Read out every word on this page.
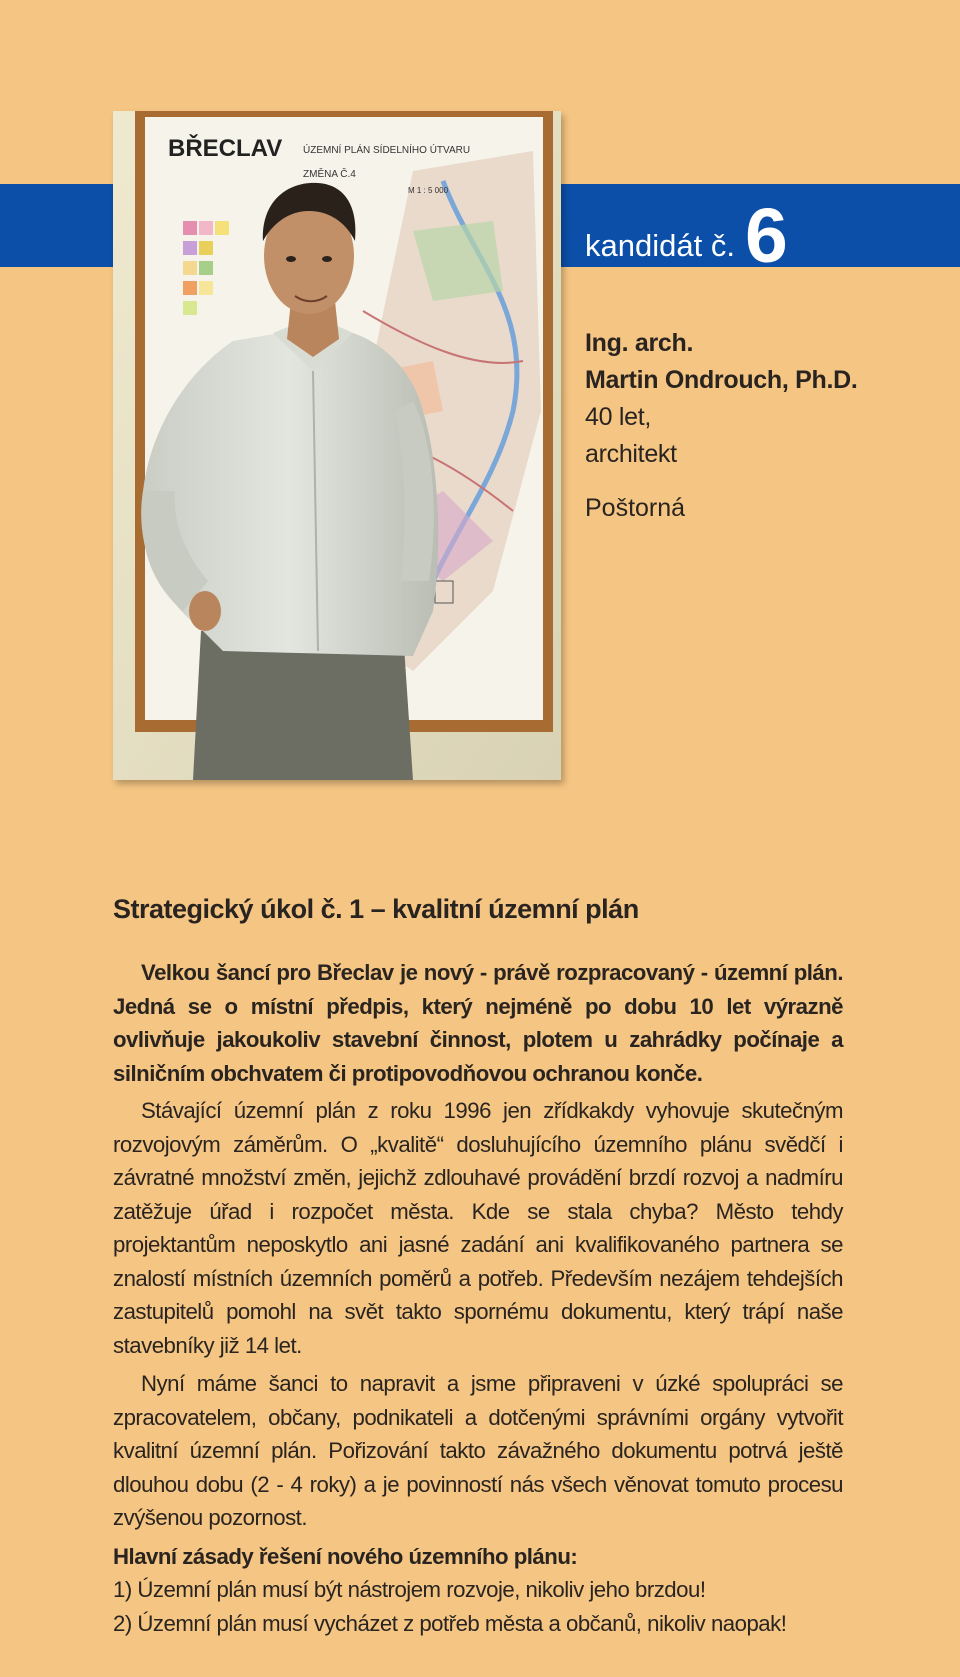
kandidát č. 6
BŘECLAV ÚZEMNÍ PLÁN SÍDELNÍHO ÚTVARU
ZMĚNA Č.4
M 1 : 5 000
Ing. arch.
Martin Ondrouch, Ph.D.
40 let,
architekt
Poštorná
Strategický úkol č. 1 – kvalitní územní plán

Velkou šancí pro Břeclav je nový - právě rozpracovaný - územní plán. Jedná se o místní předpis, který nejméně po dobu 10 let výrazně ovlivňuje jakoukoliv stavební činnost, plotem u zahrádky počínaje a silničním obchvatem či protipovodňovou ochranou konče.

Stávající územní plán z roku 1996 jen zřídkakdy vyhovuje skutečným rozvojovým záměrům. O „kvalitě“ dosluhujícího územního plánu svědčí i závratné množství změn, jejichž zdlouhavé provádění brzdí rozvoj a nadmíru zatěžuje úřad i rozpočet města. Kde se stala chyba? Město tehdy projektantům neposkytlo ani jasné zadání ani kvalifikovaného partnera se znalostí místních územních poměrů a potřeb. Především nezájem tehdejších zastupitelů pomohl na svět takto spornému dokumentu, který trápí naše stavebníky již 14 let.

Nyní máme šanci to napravit a jsme připraveni v úzké spolupráci se zpracovatelem, občany, podnikateli a dotčenými správními orgány vytvořit kvalitní územní plán. Pořizování takto závažného dokumentu potrvá ještě dlouhou dobu (2 - 4 roky) a je povinností nás všech věnovat tomuto procesu zvýšenou pozornost.

Hlavní zásady řešení nového územního plánu:
1) Územní plán musí být nástrojem rozvoje, nikoliv jeho brzdou!
2) Územní plán musí vycházet z potřeb města a občanů, nikoliv naopak!
